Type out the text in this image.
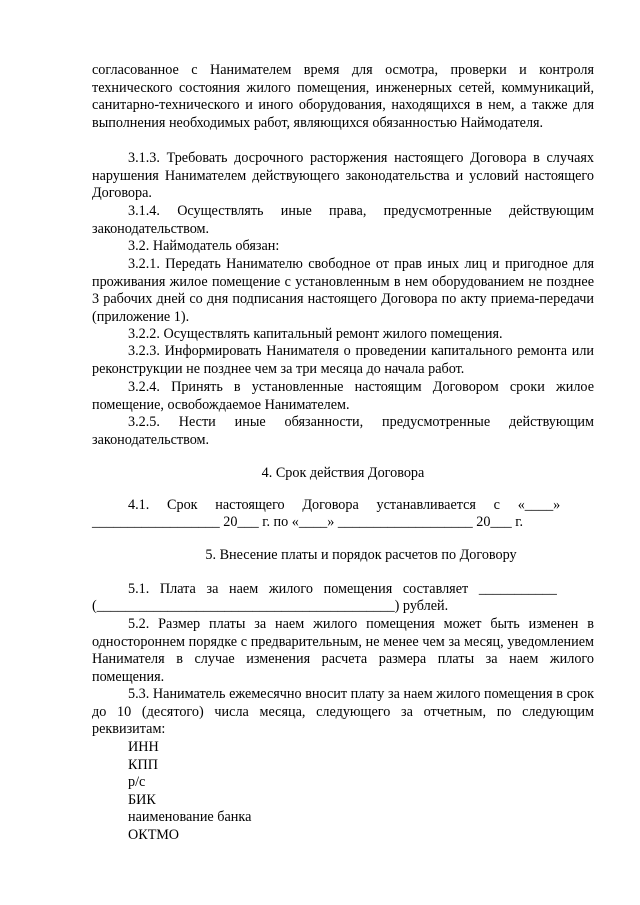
согласованное с Нанимателем время для осмотра, проверки и контроля технического состояния жилого помещения, инженерных сетей, коммуникаций, санитарно-технического и иного оборудования, находящихся в нем, а также для выполнения необходимых работ, являющихся обязанностью Наймодателя.

3.1.3. Требовать досрочного расторжения настоящего Договора в случаях нарушения Нанимателем действующего законодательства и условий настоящего Договора.

3.1.4. Осуществлять иные права, предусмотренные действующим законодательством.

3.2. Наймодатель обязан:

3.2.1. Передать Нанимателю свободное от прав иных лиц и пригодное для проживания жилое помещение с установленным в нем оборудованием не позднее 3 рабочих дней со дня подписания настоящего Договора по акту приема-передачи (приложение 1).

3.2.2. Осуществлять капитальный ремонт жилого помещения.

3.2.3. Информировать Нанимателя о проведении капитального ремонта или реконструкции не позднее чем за три месяца до начала работ.

3.2.4. Принять в установленные настоящим Договором сроки жилое помещение, освобождаемое Нанимателем.

3.2.5. Нести иные обязанности, предусмотренные действующим законодательством.

4. Срок действия Договора

4.1.     Срок     настоящего     Договора     устанавливается     с     «____»

__________________ 20___ г. по «____» ___________________ 20___ г.

5. Внесение платы и порядок расчетов по Договору

5.1.   Плата   за   наем   жилого   помещения   составляет   ___________

(__________________________________________) рублей.

5.2. Размер платы за наем жилого помещения может быть изменен в одностороннем порядке с предварительным, не менее чем за месяц, уведомлением Нанимателя в случае изменения расчета размера платы за наем жилого помещения.

5.3. Наниматель ежемесячно вносит плату за наем жилого помещения в срок до 10 (десятого) числа месяца, следующего за отчетным, по следующим реквизитам:

ИНН

КПП

р/с

БИК

наименование банка

ОКТМО
